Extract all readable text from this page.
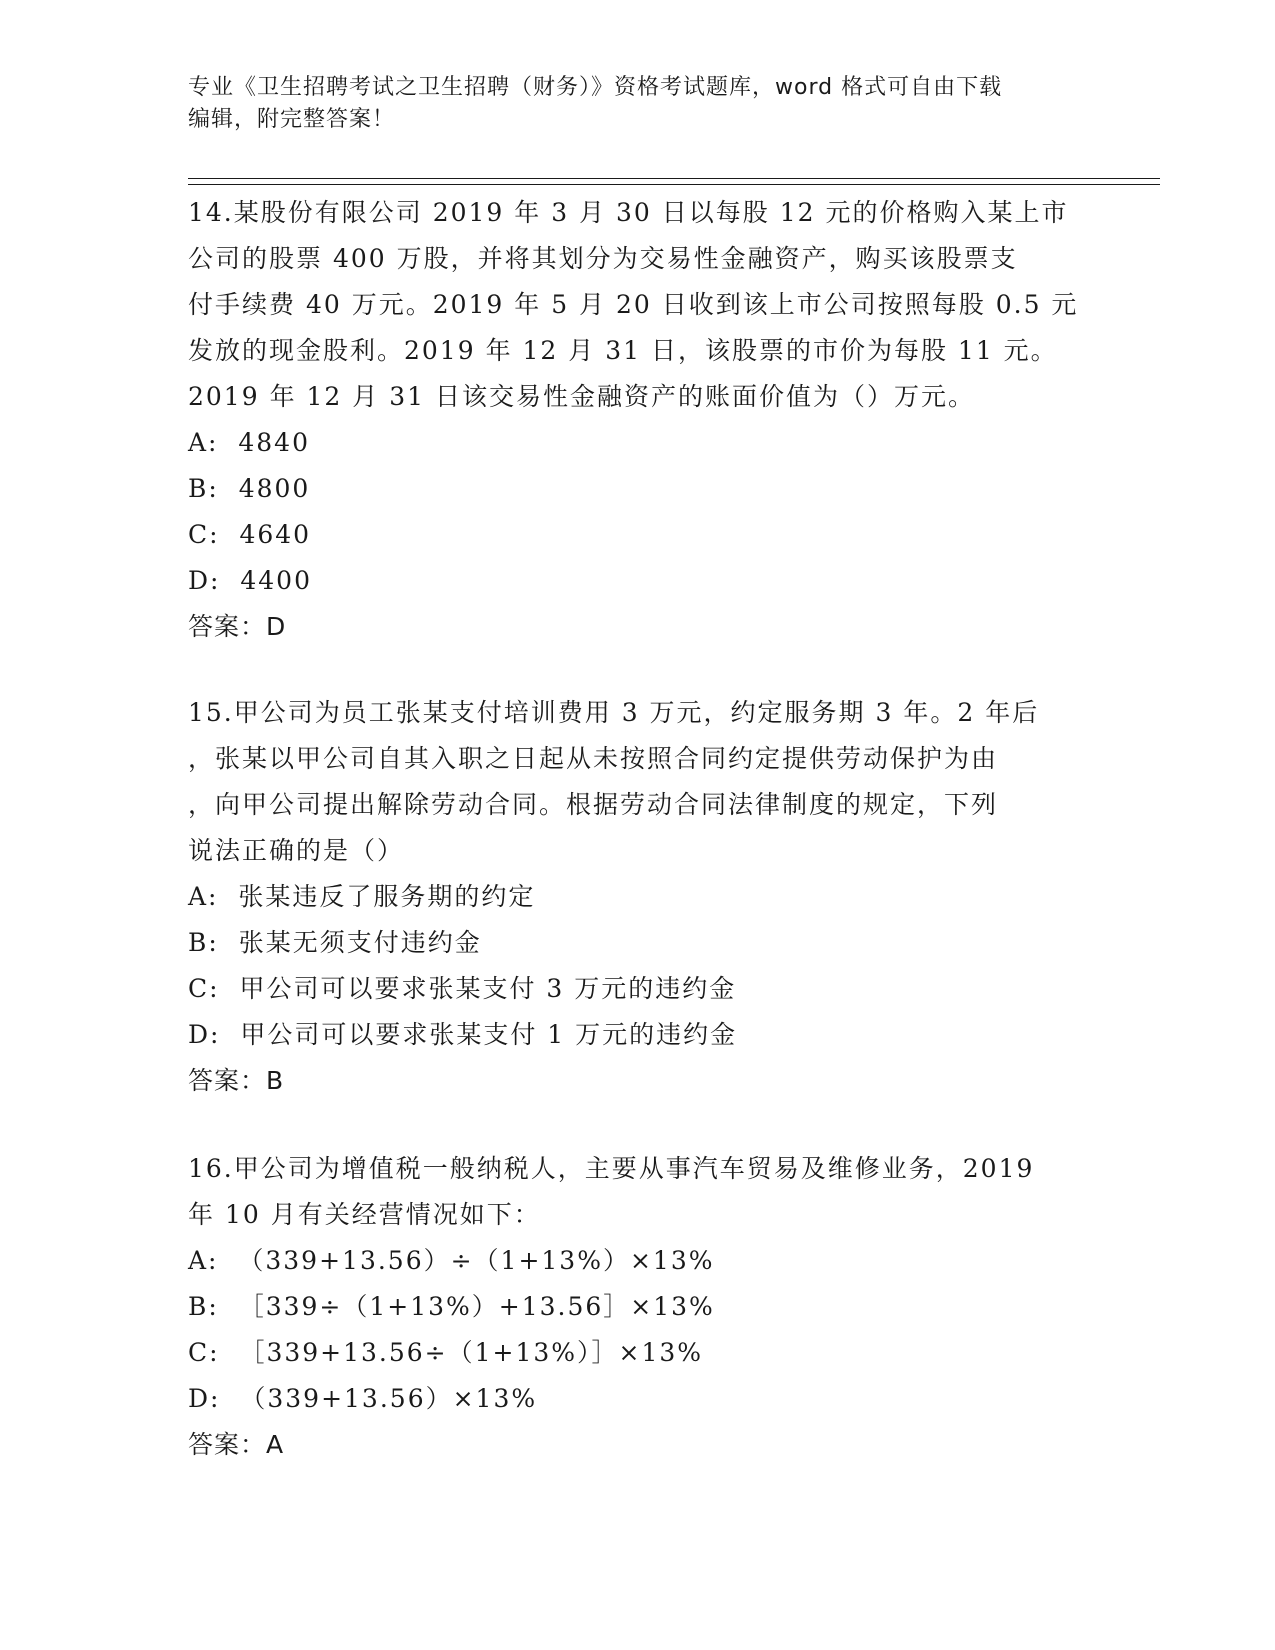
专业《卫生招聘考试之卫生招聘（财务）》资格考试题库，word 格式可自由下载
编辑，附完整答案！

14.某股份有限公司 2019 年 3 月 30 日以每股 12 元的价格购入某上市

公司的股票 400 万股，并将其划分为交易性金融资产，购买该股票支

付手续费 40 万元。2019 年 5 月 20 日收到该上市公司按照每股 0.5 元

发放的现金股利。2019 年 12 月 31 日，该股票的市价为每股 11 元。

2019 年 12 月 31 日该交易性金融资产的账面价值为（）万元。

A:  4840

B:  4800

C:  4640

D:  4400

答案：D

15.甲公司为员工张某支付培训费用 3 万元，约定服务期 3 年。2 年后

，张某以甲公司自其入职之日起从未按照合同约定提供劳动保护为由

，向甲公司提出解除劳动合同。根据劳动合同法律制度的规定，下列

说法正确的是（）

A:  张某违反了服务期的约定

B:  张某无须支付违约金

C:  甲公司可以要求张某支付 3 万元的违约金

D:  甲公司可以要求张某支付 1 万元的违约金

答案：B

16.甲公司为增值税一般纳税人，主要从事汽车贸易及维修业务，2019

年 10 月有关经营情况如下：

A:  （339+13.56）÷（1+13%）×13%

B:  ［339÷（1+13%）+13.56］×13%

C:  ［339+13.56÷（1+13%）］×13%

D:  （339+13.56）×13%

答案：A
